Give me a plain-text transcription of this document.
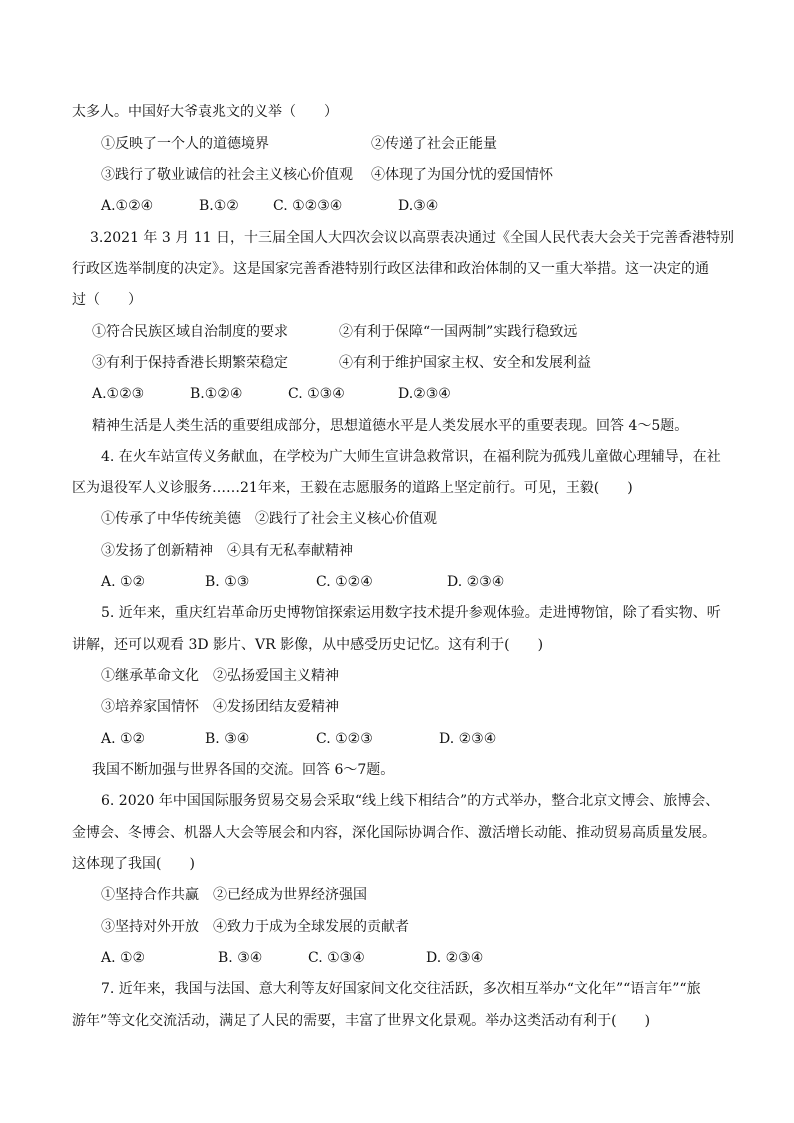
太多人。中国好大爷袁兆文的义举（　　）
①反映了一个人的道德境界	②传递了社会正能量
③践行了敬业诚信的社会主义核心价值观 ④体现了为国分忧的爱国情怀
A.①②④	B.①② C. ①②③④	D.③④
3.2021 年 3 月 11 日，十三届全国人大四次会议以高票表决通过《全国人民代表大会关于完善香港特别
行政区选举制度的决定》。这是国家完善香港特别行政区法律和政治体制的又一重大举措。这一决定的通
过（　　）
①符合民族区域自治制度的要求	②有利于保障“一国两制”实践行稳致远
③有利于保持香港长期繁荣稳定	④有利于维护国家主权、安全和发展利益
A.①②③	B.①②④	C. ①③④	D.②③④
精神生活是人类生活的重要组成部分，思想道德水平是人类发展水平的重要表现。回答 4～5题。
4. 在火车站宣传义务献血，在学校为广大师生宣讲急救常识，在福利院为孤残儿童做心理辅导，在社
区为退役军人义诊服务……21年来，王毅在志愿服务的道路上坚定前行。可见，王毅(　　)
①传承了中华传统美德　②践行了社会主义核心价值观
③发扬了创新精神　④具有无私奉献精神
A. ①②	B. ①③	C. ①②④	D. ②③④
5. 近年来，重庆红岩革命历史博物馆探索运用数字技术提升参观体验。走进博物馆，除了看实物、听
讲解，还可以观看 3D 影片、VR 影像，从中感受历史记忆。这有利于(　　)
①继承革命文化　②弘扬爱国主义精神
③培养家国情怀　④发扬团结友爱精神
A. ①②	B. ③④	C. ①②③	D. ②③④
我国不断加强与世界各国的交流。回答 6～7题。
6. 2020 年中国国际服务贸易交易会采取“线上线下相结合”的方式举办，整合北京文博会、旅博会、
金博会、冬博会、机器人大会等展会和内容，深化国际协调合作、激活增长动能、推动贸易高质量发展。
这体现了我国(　　)
①坚持合作共赢　②已经成为世界经济强国
③坚持对外开放　④致力于成为全球发展的贡献者
A. ①②	B. ③④	C. ①③④	D. ②③④
7. 近年来，我国与法国、意大利等友好国家间文化交往活跃，多次相互举办“文化年”“语言年”“旅
游年”等文化交流活动，满足了人民的需要，丰富了世界文化景观。举办这类活动有利于(　　)
